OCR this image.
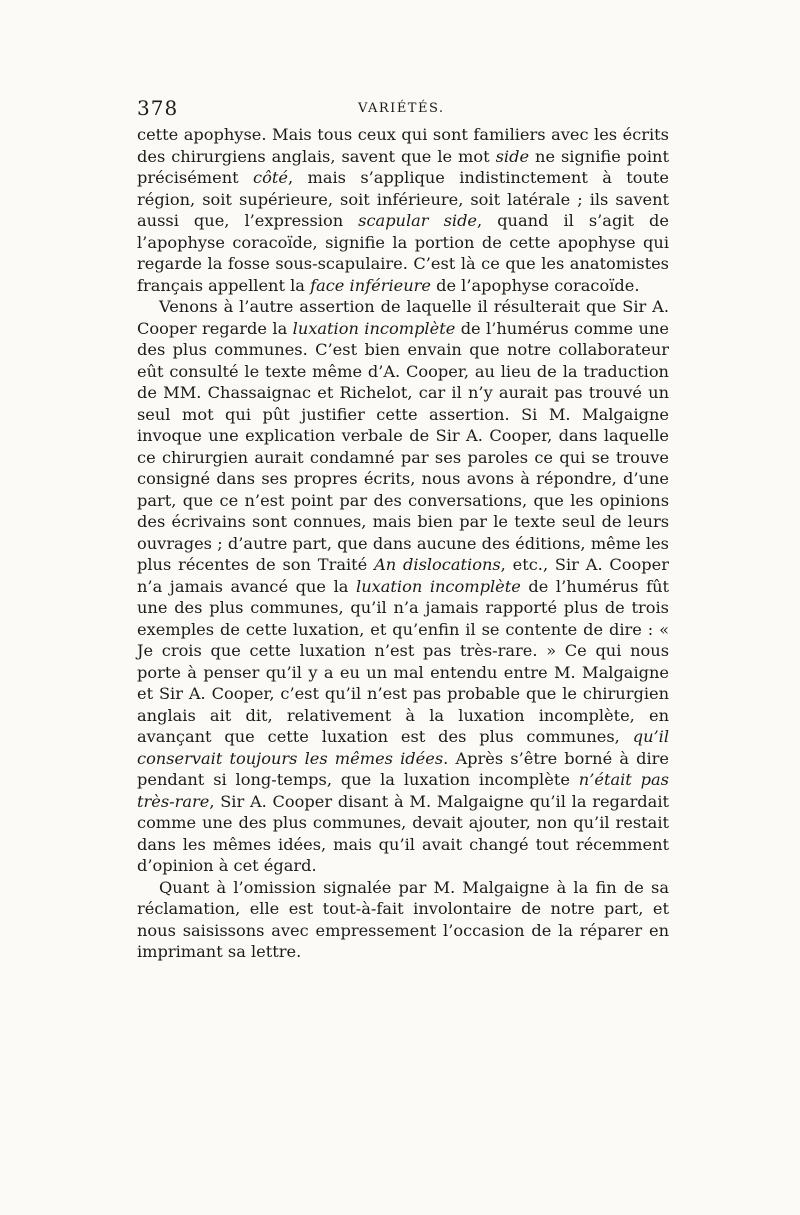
378	VARIÉTÉS.

cette apophyse. Mais tous ceux qui sont familiers avec les écrits des chirurgiens anglais, savent que le mot side ne signifie point précisément côté, mais s’applique indistinctement à toute région, soit supérieure, soit inférieure, soit latérale ; ils savent aussi que, l’expression scapular side, quand il s’agit de l’apophyse coracoïde, signifie la portion de cette apophyse qui regarde la fosse sous-scapulaire. C’est là ce que les anatomistes français appellent la face inférieure de l’apophyse coracoïde.

Venons à l’autre assertion de laquelle il résulterait que Sir A. Cooper regarde la luxation incomplète de l’humérus comme une des plus communes. C’est bien envain que notre collaborateur eût consulté le texte même d’A. Cooper, au lieu de la traduction de MM. Chassaignac et Richelot, car il n’y aurait pas trouvé un seul mot qui pût justifier cette assertion. Si M. Malgaigne invoque une explication verbale de Sir A. Cooper, dans laquelle ce chirurgien aurait condamné par ses paroles ce qui se trouve consigné dans ses propres écrits, nous avons à répondre, d’une part, que ce n’est point par des conversations, que les opinions des écrivains sont connues, mais bien par le texte seul de leurs ouvrages ; d’autre part, que dans aucune des éditions, même les plus récentes de son Traité An dislocations, etc., Sir A. Cooper n’a jamais avancé que la luxation incomplète de l’humérus fût une des plus communes, qu’il n’a jamais rapporté plus de trois exemples de cette luxation, et qu’enfin il se contente de dire : « Je crois que cette luxation n’est pas très-rare. » Ce qui nous porte à penser qu’il y a eu un mal entendu entre M. Malgaigne et Sir A. Cooper, c’est qu’il n’est pas probable que le chirurgien anglais ait dit, relativement à la luxation incomplète, en avançant que cette luxation est des plus communes, qu’il conservait toujours les mêmes idées. Après s’être borné à dire pendant si long-temps, que la luxation incomplète n’était pas très-rare, Sir A. Cooper disant à M. Malgaigne qu’il la regardait comme une des plus communes, devait ajouter, non qu’il restait dans les mêmes idées, mais qu’il avait changé tout récemment d’opinion à cet égard.

Quant à l’omission signalée par M. Malgaigne à la fin de sa réclamation, elle est tout-à-fait involontaire de notre part, et nous saisissons avec empressement l’occasion de la réparer en imprimant sa lettre.
